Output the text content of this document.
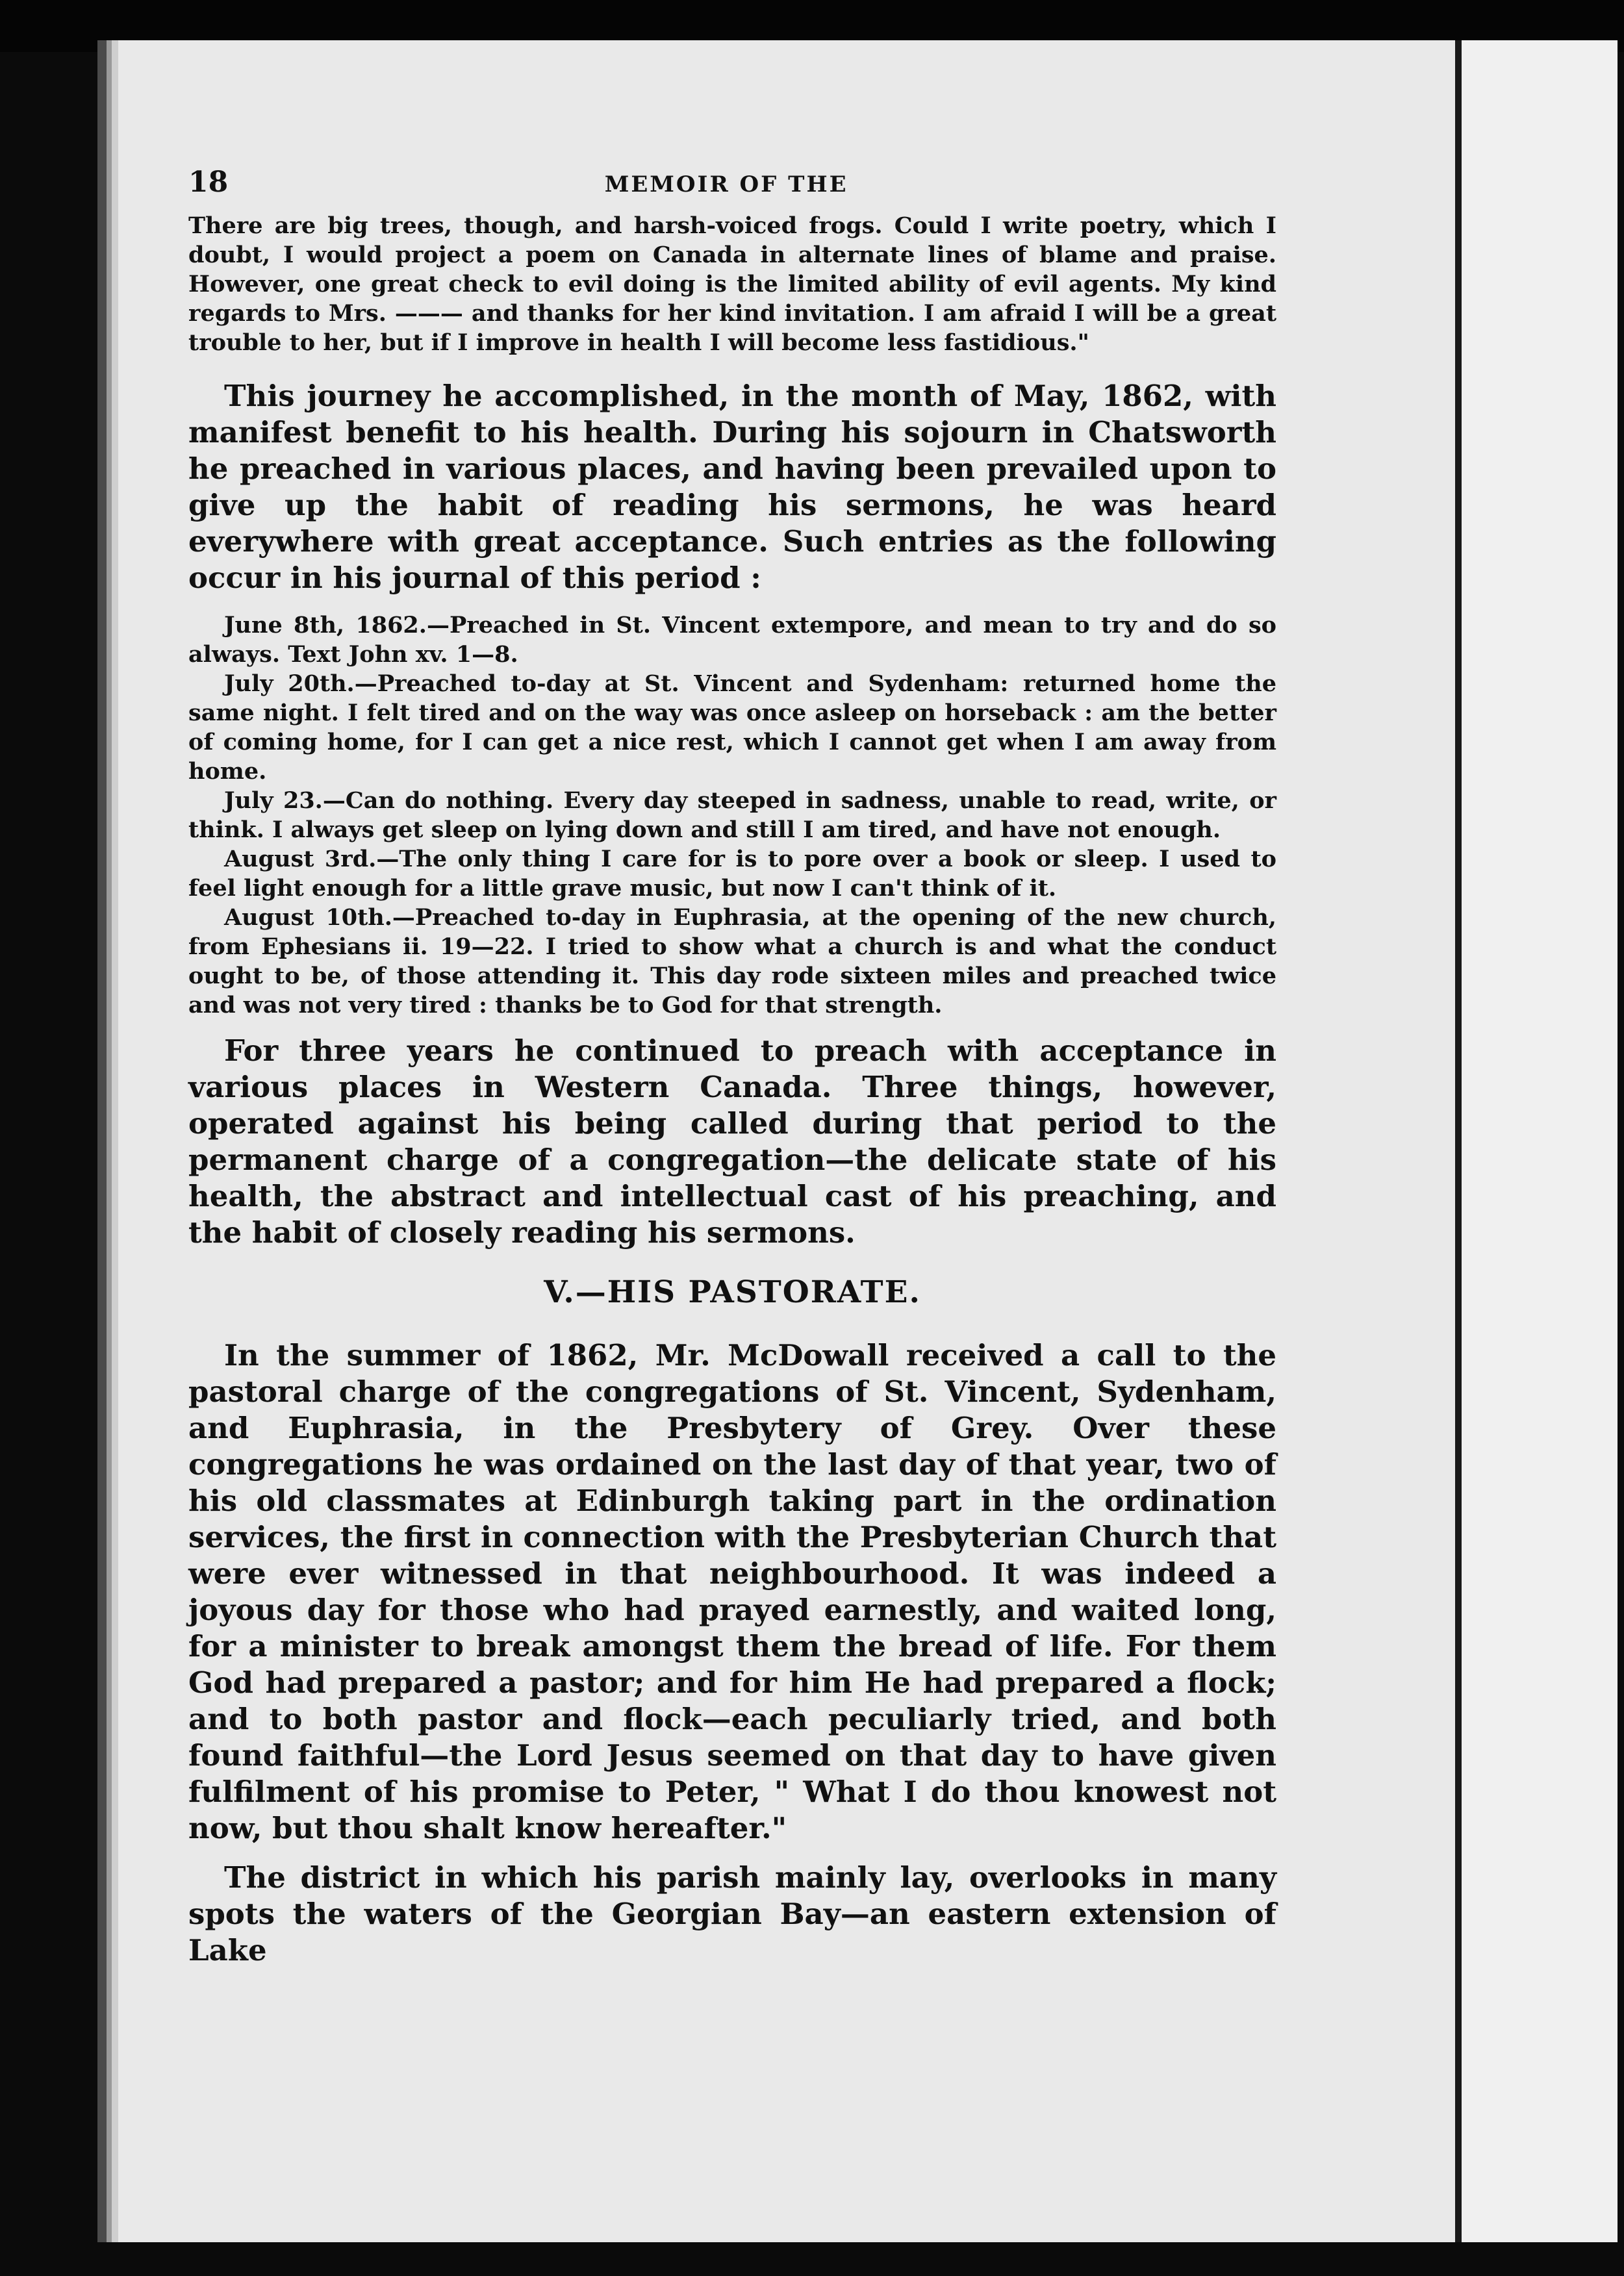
18	MEMOIR OF THE

There are big trees, though, and harsh-voiced frogs. Could I write poetry, which I doubt, I would project a poem on Canada in alternate lines of blame and praise. However, one great check to evil doing is the limited ability of evil agents. My kind regards to Mrs. ——— and thanks for her kind invitation. I am afraid I will be a great trouble to her, but if I improve in health I will become less fastidious."

This journey he accomplished, in the month of May, 1862, with manifest benefit to his health. During his sojourn in Chatsworth he preached in various places, and having been prevailed upon to give up the habit of reading his sermons, he was heard everywhere with great acceptance. Such entries as the following occur in his journal of this period :

June 8th, 1862.—Preached in St. Vincent extempore, and mean to try and do so always. Text John xv. 1—8.

July 20th.—Preached to-day at St. Vincent and Sydenham: returned home the same night. I felt tired and on the way was once asleep on horseback : am the better of coming home, for I can get a nice rest, which I cannot get when I am away from home.

July 23.—Can do nothing. Every day steeped in sadness, unable to read, write, or think. I always get sleep on lying down and still I am tired, and have not enough.

August 3rd.—The only thing I care for is to pore over a book or sleep. I used to feel light enough for a little grave music, but now I can't think of it.

August 10th.—Preached to-day in Euphrasia, at the opening of the new church, from Ephesians ii. 19—22. I tried to show what a church is and what the conduct ought to be, of those attending it. This day rode sixteen miles and preached twice and was not very tired : thanks be to God for that strength.

For three years he continued to preach with acceptance in various places in Western Canada. Three things, however, operated against his being called during that period to the permanent charge of a congregation—the delicate state of his health, the abstract and intellectual cast of his preaching, and the habit of closely reading his sermons.

V.—HIS PASTORATE.

In the summer of 1862, Mr. McDowall received a call to the pastoral charge of the congregations of St. Vincent, Sydenham, and Euphrasia, in the Presbytery of Grey. Over these congregations he was ordained on the last day of that year, two of his old classmates at Edinburgh taking part in the ordination services, the first in connection with the Presbyterian Church that were ever witnessed in that neighbourhood. It was indeed a joyous day for those who had prayed earnestly, and waited long, for a minister to break amongst them the bread of life. For them God had prepared a pastor; and for him He had prepared a flock; and to both pastor and flock—each peculiarly tried, and both found faithful—the Lord Jesus seemed on that day to have given fulfilment of his promise to Peter, " What I do thou knowest not now, but thou shalt know hereafter."

The district in which his parish mainly lay, overlooks in many spots the waters of the Georgian Bay—an eastern extension of Lake
